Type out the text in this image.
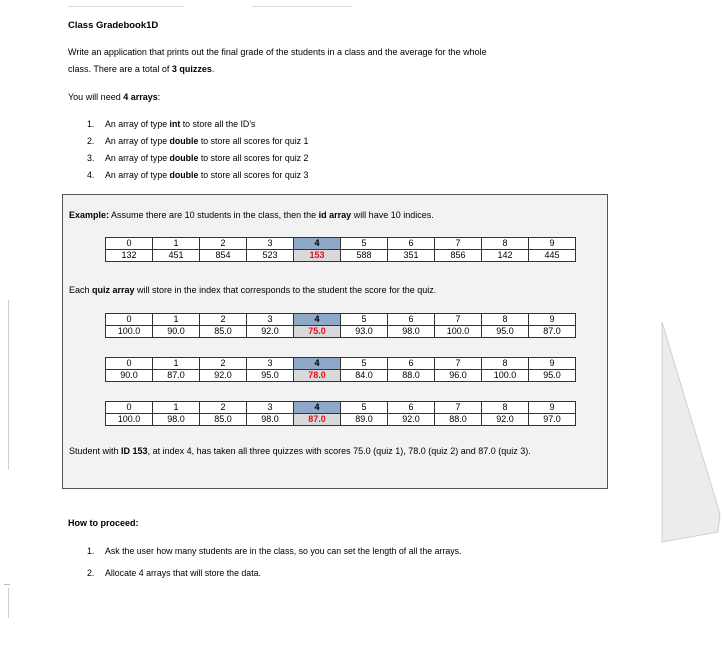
Class Gradebook1D
Write an application that prints out the final grade of the students in a class and the average for the whole
class. There are a total of 3 quizzes.
You will need 4 arrays:
1. An array of type int to store all the ID’s
2. An array of type double to store all scores for quiz 1
3. An array of type double to store all scores for quiz 2
4. An array of type double to store all scores for quiz 3
Example: Assume there are 10 students in the class, then the id array will have 10 indices.
0	1	2	3	4	5	6	7	8	9
132	451	854	523	153	588	351	856	142	445
Each quiz array will store in the index that corresponds to the student the score for the quiz.
0	1	2	3	4	5	6	7	8	9
100.0	90.0	85.0	92.0	75.0	93.0	98.0	100.0	95.0	87.0
0	1	2	3	4	5	6	7	8	9
90.0	87.0	92.0	95.0	78.0	84.0	88.0	96.0	100.0	95.0
0	1	2	3	4	5	6	7	8	9
100.0	98.0	85.0	98.0	87.0	89.0	92.0	88.0	92.0	97.0
Student with ID 153, at index 4, has taken all three quizzes with scores 75.0 (quiz 1), 78.0 (quiz 2) and 87.0 (quiz 3).
How to proceed:
1. Ask the user how many students are in the class, so you can set the length of all the arrays.
2. Allocate 4 arrays that will store the data.
